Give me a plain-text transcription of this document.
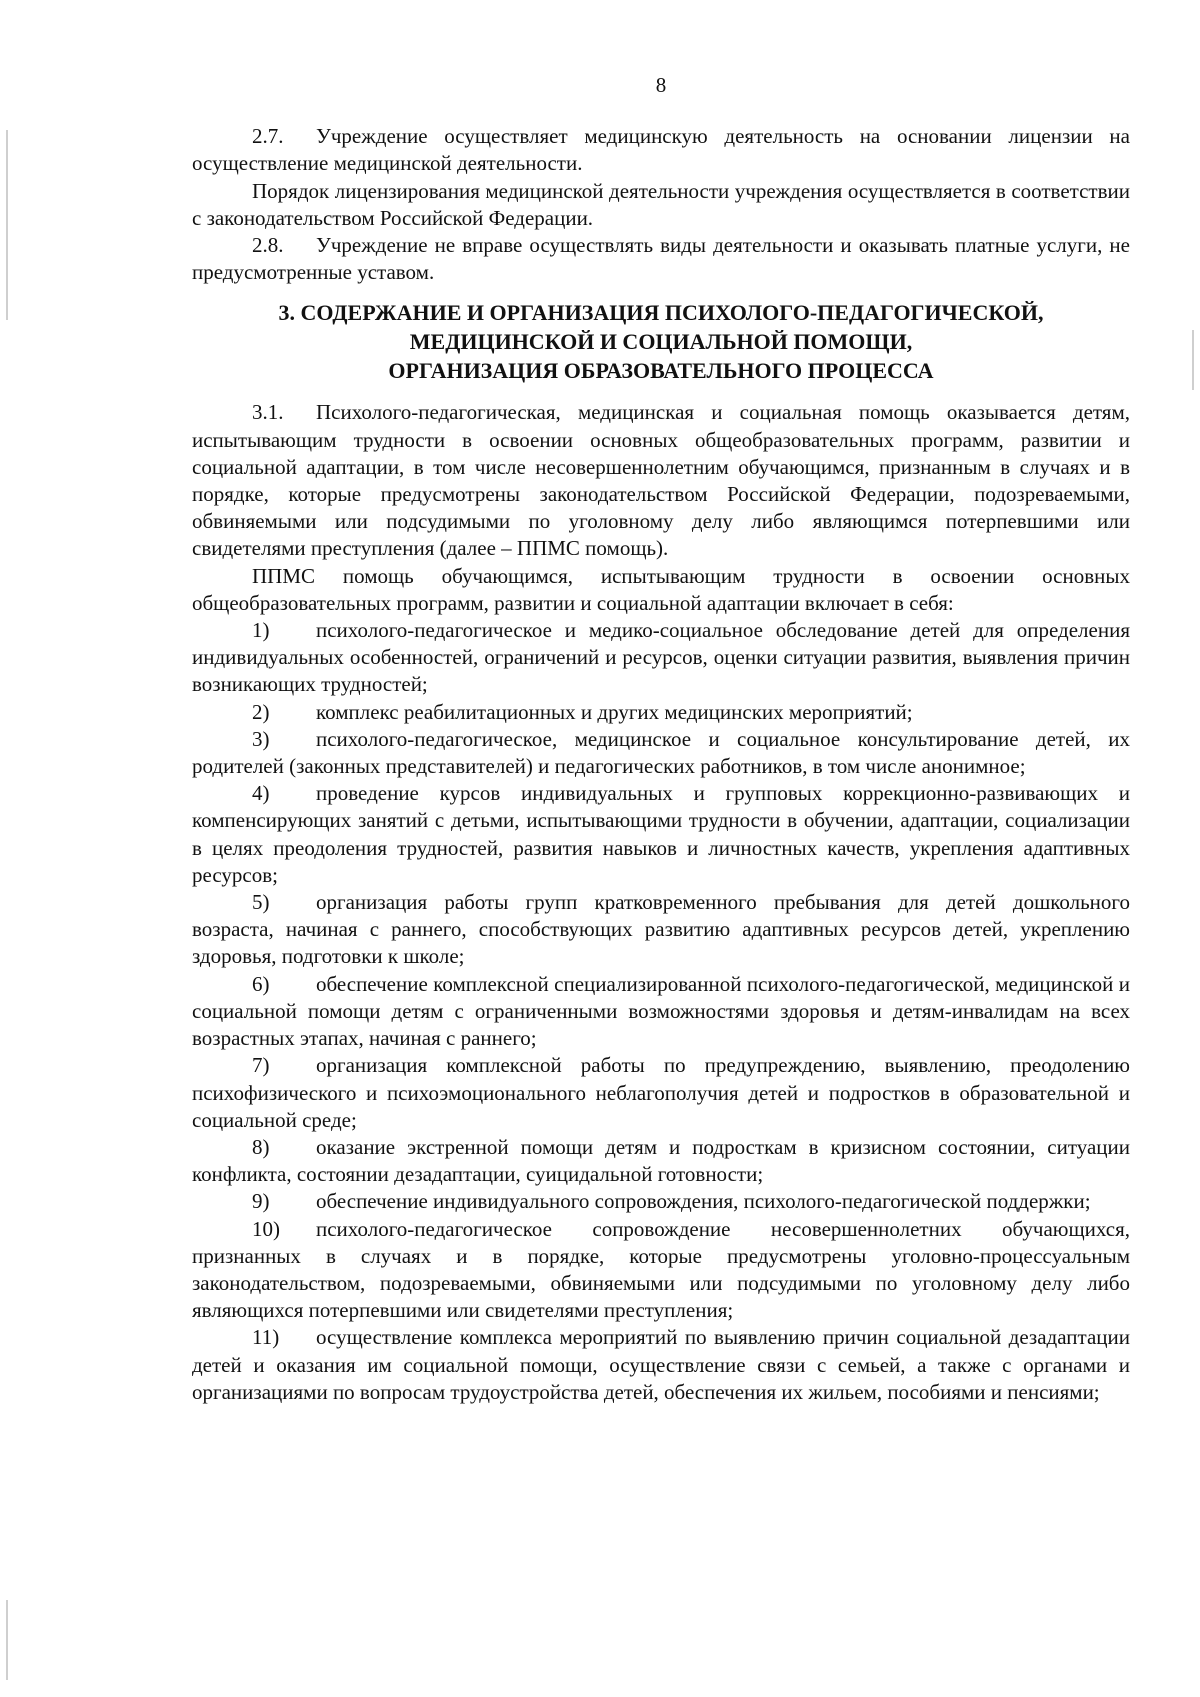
8

2.7. Учреждение осуществляет медицинскую деятельность на основании лицензии на осуществление медицинской деятельности.

Порядок лицензирования медицинской деятельности учреждения осуществляется в соответствии с законодательством Российской Федерации.

2.8. Учреждение не вправе осуществлять виды деятельности и оказывать платные услуги, не предусмотренные уставом.

3. СОДЕРЖАНИЕ И ОРГАНИЗАЦИЯ ПСИХОЛОГО-ПЕДАГОГИЧЕСКОЙ,
МЕДИЦИНСКОЙ И СОЦИАЛЬНОЙ ПОМОЩИ,
ОРГАНИЗАЦИЯ ОБРАЗОВАТЕЛЬНОГО ПРОЦЕССА

3.1. Психолого-педагогическая, медицинская и социальная помощь оказывается детям, испытывающим трудности в освоении основных общеобразовательных программ, развитии и социальной адаптации, в том числе несовершеннолетним обучающимся, признанным в случаях и в порядке, которые предусмотрены законодательством Российской Федерации, подозреваемыми, обвиняемыми или подсудимыми по уголовному делу либо являющимся потерпевшими или свидетелями преступления (далее – ППМС помощь).

ППМС помощь обучающимся, испытывающим трудности в освоении основных общеобразовательных программ, развитии и социальной адаптации включает в себя:

1) психолого-педагогическое и медико-социальное обследование детей для определения индивидуальных особенностей, ограничений и ресурсов, оценки ситуации развития, выявления причин возникающих трудностей;

2) комплекс реабилитационных и других медицинских мероприятий;

3) психолого-педагогическое, медицинское и социальное консультирование детей, их родителей (законных представителей) и педагогических работников, в том числе анонимное;

4) проведение курсов индивидуальных и групповых коррекционно-развивающих и компенсирующих занятий с детьми, испытывающими трудности в обучении, адаптации, социализации в целях преодоления трудностей, развития навыков и личностных качеств, укрепления адаптивных ресурсов;

5) организация работы групп кратковременного пребывания для детей дошкольного возраста, начиная с раннего, способствующих развитию адаптивных ресурсов детей, укреплению здоровья, подготовки к школе;

6) обеспечение комплексной специализированной психолого-педагогической, медицинской и социальной помощи детям с ограниченными возможностями здоровья и детям-инвалидам на всех возрастных этапах, начиная с раннего;

7) организация комплексной работы по предупреждению, выявлению, преодолению психофизического и психоэмоционального неблагополучия детей и подростков в образовательной и социальной среде;

8) оказание экстренной помощи детям и подросткам в кризисном состоянии, ситуации конфликта, состоянии дезадаптации, суицидальной готовности;

9) обеспечение индивидуального сопровождения, психолого-педагогической поддержки;

10) психолого-педагогическое сопровождение несовершеннолетних обучающихся, признанных в случаях и в порядке, которые предусмотрены уголовно-процессуальным законодательством, подозреваемыми, обвиняемыми или подсудимыми по уголовному делу либо являющихся потерпевшими или свидетелями преступления;

11) осуществление комплекса мероприятий по выявлению причин социальной дезадаптации детей и оказания им социальной помощи, осуществление связи с семьей, а также с органами и организациями по вопросам трудоустройства детей, обеспечения их жильем, пособиями и пенсиями;
